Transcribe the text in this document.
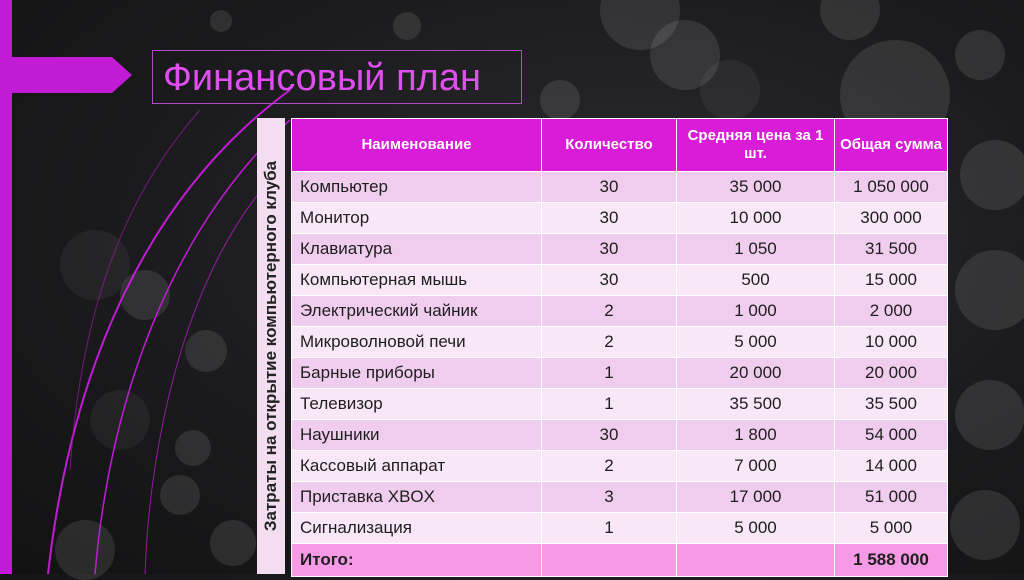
Финансовый план
Затраты на открытие компьютерного клуба
Наименование	Количество	Средняя цена за 1 шт.	Общая сумма
Компьютер	30	35 000	1 050 000
Монитор	30	10 000	300 000
Клавиатура	30	1 050	31 500
Компьютерная мышь	30	500	15 000
Электрический чайник	2	1 000	2 000
Микроволновой печи	2	5 000	10 000
Барные приборы	1	20 000	20 000
Телевизор	1	35 500	35 500
Наушники	30	1 800	54 000
Кассовый аппарат	2	7 000	14 000
Приставка XBOX	3	17 000	51 000
Сигнализация	1	5 000	5 000
Итого:			1 588 000
